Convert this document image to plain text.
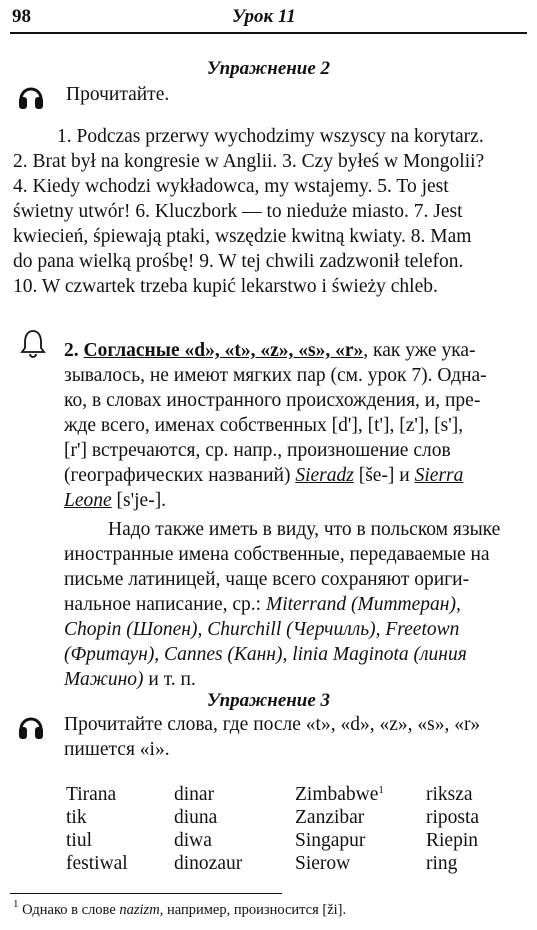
98	Урок 11
Упражнение 2
Прочитайте.
1. Podczas przerwy wychodzimy wszyscy na korytarz.
2. Brat był na kongresie w Anglii. 3. Czy byłeś w Mongolii?
4. Kiedy wchodzi wykładowca, my wstajemy. 5. To jest
świetny utwór! 6. Kluczbork — to nieduże miasto. 7. Jest
kwiecień, śpiewają ptaki, wszędzie kwitną kwiaty. 8. Mam
do pana wielką prośbę! 9. W tej chwili zadzwonił telefon.
10. W czwartek trzeba kupić lekarstwo i świeży chleb.
2. Согласные «d», «t», «z», «s», «r», как уже ука-
зывалось, не имеют мягких пар (см. урок 7). Одна-
ко, в словах иностранного происхождения, и, пре-
жде всего, именах собственных [d'], [t'], [z'], [s'],
[r'] встречаются, ср. напр., произношение слов
(географических названий) Sieradz [še-] и Sierra
Leone [s'je-].
Надо также иметь в виду, что в польском языке
иностранные имена собственные, передаваемые на
письме латиницей, чаще всего сохраняют ориги-
нальное написание, ср.: Miterrand (Миттеран),
Chopin (Шопен), Churchill (Черчилль), Freetown
(Фритаун), Cannes (Канн), linia Maginota (линия
Мажино) и т. п.
Упражнение 3
Прочитайте слова, где после «t», «d», «z», «s», «r»
пишется «i».
Tirana	dinar	Zimbabwe$^1$	riksza
tik	diuna	Zanzibar	riposta
tiul	diwa	Singapur	Riepin
festiwal	dinozaur	Sierow	ring
$^1$ Однако в слове nazizm, например, произносится [ži].
